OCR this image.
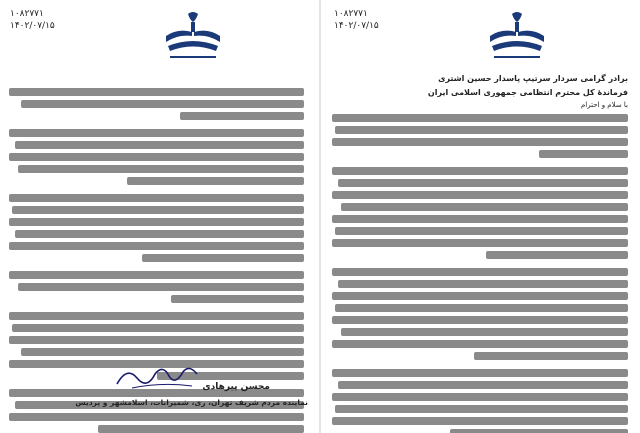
۱۰۸۲۷۷۱
۱۴۰۲/۰۷/۱۵
محسن پیرهادی
نماینده مردم شریف تهران، ری، شمیرانات، اسلامشهر و پردیس
۱۰۸۲۷۷۱
۱۴۰۲/۰۷/۱۵
برادر گرامی سردار سرتیپ پاسدار حسین اشتری
فرماندهٔ کل محترم انتظامی جمهوری اسلامی ایران
با سلام و احترام
